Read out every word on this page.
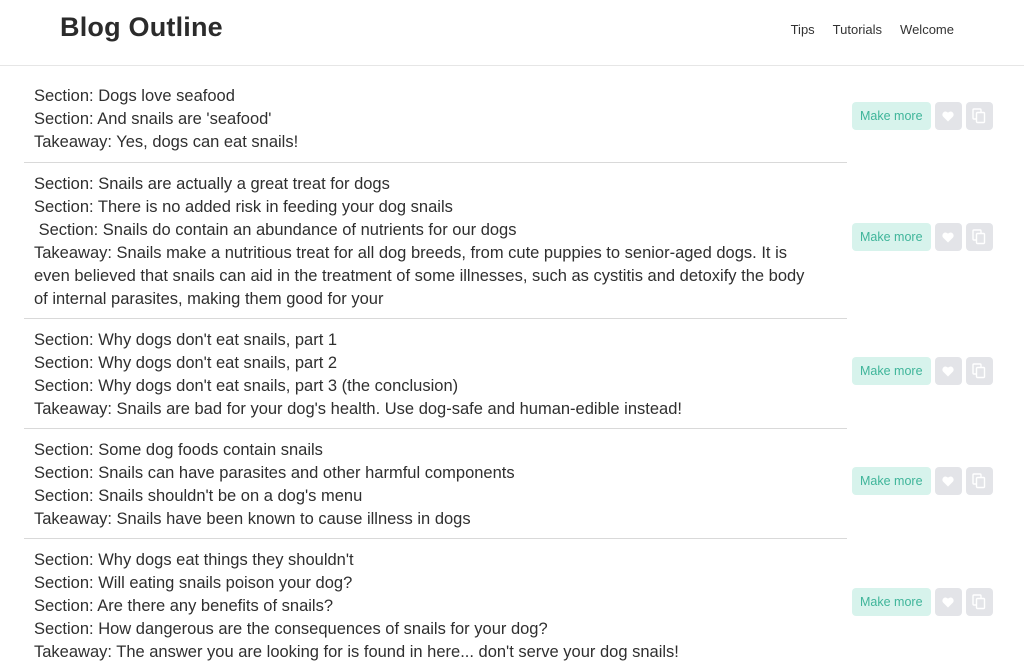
Blog Outline	Tips Tutorials Welcome
Section: Dogs love seafood
Section: And snails are 'seafood'
Takeaway: Yes, dogs can eat snails!
Make more
Section: Snails are actually a great treat for dogs
Section: There is no added risk in feeding your dog snails
Section: Snails do contain an abundance of nutrients for our dogs
Takeaway: Snails make a nutritious treat for all dog breeds, from cute puppies to senior-aged dogs. It is even believed that snails can aid in the treatment of some illnesses, such as cystitis and detoxify the body of internal parasites, making them good for your
Make more
Section: Why dogs don't eat snails, part 1
Section: Why dogs don't eat snails, part 2
Section: Why dogs don't eat snails, part 3 (the conclusion)
Takeaway: Snails are bad for your dog's health. Use dog-safe and human-edible instead!
Make more
Section: Some dog foods contain snails
Section: Snails can have parasites and other harmful components
Section: Snails shouldn't be on a dog's menu
Takeaway: Snails have been known to cause illness in dogs
Make more
Section: Why dogs eat things they shouldn't
Section: Will eating snails poison your dog?
Section: Are there any benefits of snails?
Section: How dangerous are the consequences of snails for your dog?
Takeaway: The answer you are looking for is found in here... don't serve your dog snails!
Make more
